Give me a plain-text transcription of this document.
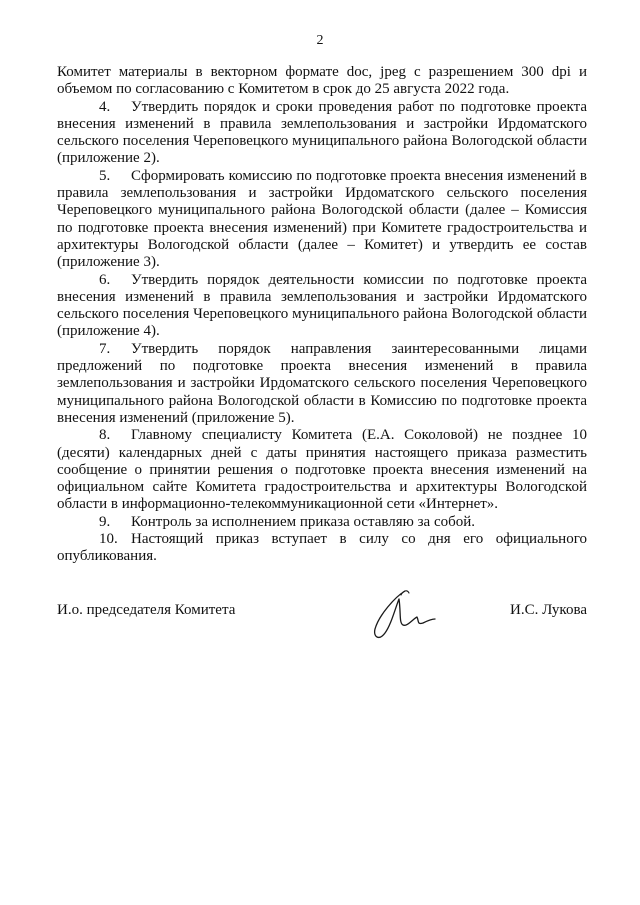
2

Комитет материалы в векторном формате doc, jpeg с разрешением 300 dpi и объемом по согласованию с Комитетом в срок до 25 августа 2022 года.

4. Утвердить порядок и сроки проведения работ по подготовке проекта внесения изменений в правила землепользования и застройки Ирдоматского сельского поселения Череповецкого муниципального района Вологодской области (приложение 2).

5. Сформировать комиссию по подготовке проекта внесения изменений в правила землепользования и застройки Ирдоматского сельского поселения Череповецкого муниципального района Вологодской области (далее – Комиссия по подготовке проекта внесения изменений) при Комитете градостроительства и архитектуры Вологодской области (далее – Комитет) и утвердить ее состав (приложение 3).

6. Утвердить порядок деятельности комиссии по подготовке проекта внесения изменений в правила землепользования и застройки Ирдоматского сельского поселения Череповецкого муниципального района Вологодской области (приложение 4).

7. Утвердить порядок направления заинтересованными лицами предложений по подготовке проекта внесения изменений в правила землепользования и застройки Ирдоматского сельского поселения Череповецкого муниципального района Вологодской области в Комиссию по подготовке проекта внесения изменений (приложение 5).

8. Главному специалисту Комитета (Е.А. Соколовой) не позднее 10 (десяти) календарных дней с даты принятия настоящего приказа разместить сообщение о принятии решения о подготовке проекта внесения изменений на официальном сайте Комитета градостроительства и архитектуры Вологодской области в информационно-телекоммуникационной сети «Интернет».

9. Контроль за исполнением приказа оставляю за собой.

10. Настоящий приказ вступает в силу со дня его официального опубликования.

И.о. председателя Комитета	И.С. Лукова
